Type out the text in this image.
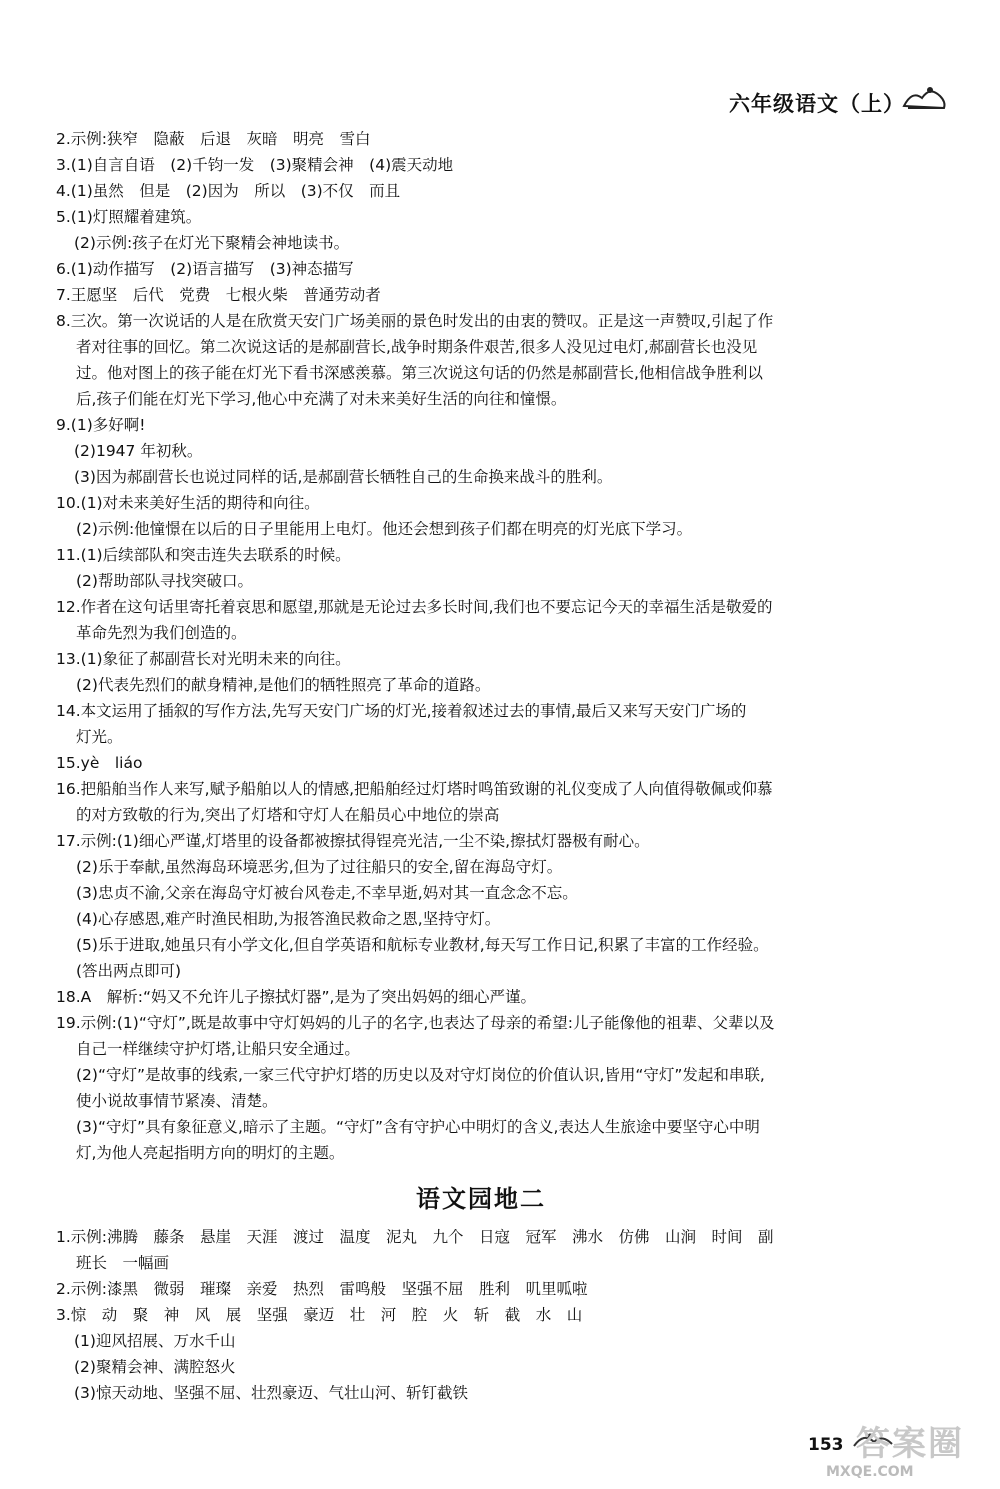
六年级语文（上）
2.示例:狭窄　隐蔽　后退　灰暗　明亮　雪白
3.(1)自言自语　(2)千钧一发　(3)聚精会神　(4)震天动地
4.(1)虽然　但是　(2)因为　所以　(3)不仅　而且
5.(1)灯照耀着建筑。
(2)示例:孩子在灯光下聚精会神地读书。
6.(1)动作描写　(2)语言描写　(3)神态描写
7.王愿坚　后代　党费　七根火柴　普通劳动者
8.三次。第一次说话的人是在欣赏天安门广场美丽的景色时发出的由衷的赞叹。正是这一声赞叹,引起了作
者对往事的回忆。第二次说这话的是郝副营长,战争时期条件艰苦,很多人没见过电灯,郝副营长也没见
过。他对图上的孩子能在灯光下看书深感羡慕。第三次说这句话的仍然是郝副营长,他相信战争胜利以
后,孩子们能在灯光下学习,他心中充满了对未来美好生活的向往和憧憬。
9.(1)多好啊!
(2)1947 年初秋。
(3)因为郝副营长也说过同样的话,是郝副营长牺牲自己的生命换来战斗的胜利。
10.(1)对未来美好生活的期待和向往。
(2)示例:他憧憬在以后的日子里能用上电灯。他还会想到孩子们都在明亮的灯光底下学习。
11.(1)后续部队和突击连失去联系的时候。
(2)帮助部队寻找突破口。
12.作者在这句话里寄托着哀思和愿望,那就是无论过去多长时间,我们也不要忘记今天的幸福生活是敬爱的
革命先烈为我们创造的。
13.(1)象征了郝副营长对光明未来的向往。
(2)代表先烈们的献身精神,是他们的牺牲照亮了革命的道路。
14.本文运用了插叙的写作方法,先写天安门广场的灯光,接着叙述过去的事情,最后又来写天安门广场的
灯光。
15.yè　liáo
16.把船舶当作人来写,赋予船舶以人的情感,把船舶经过灯塔时鸣笛致谢的礼仪变成了人向值得敬佩或仰慕
的对方致敬的行为,突出了灯塔和守灯人在船员心中地位的崇高
17.示例:(1)细心严谨,灯塔里的设备都被擦拭得锃亮光洁,一尘不染,擦拭灯器极有耐心。
(2)乐于奉献,虽然海岛环境恶劣,但为了过往船只的安全,留在海岛守灯。
(3)忠贞不渝,父亲在海岛守灯被台风卷走,不幸早逝,妈对其一直念念不忘。
(4)心存感恩,难产时渔民相助,为报答渔民救命之恩,坚持守灯。
(5)乐于进取,她虽只有小学文化,但自学英语和航标专业教材,每天写工作日记,积累了丰富的工作经验。
(答出两点即可)
18.A　解析:“妈又不允许儿子擦拭灯器”,是为了突出妈妈的细心严谨。
19.示例:(1)“守灯”,既是故事中守灯妈妈的儿子的名字,也表达了母亲的希望:儿子能像他的祖辈、父辈以及
自己一样继续守护灯塔,让船只安全通过。
(2)“守灯”是故事的线索,一家三代守护灯塔的历史以及对守灯岗位的价值认识,皆用“守灯”发起和串联,
使小说故事情节紧凑、清楚。
(3)“守灯”具有象征意义,暗示了主题。“守灯”含有守护心中明灯的含义,表达人生旅途中要坚守心中明
灯,为他人亮起指明方向的明灯的主题。
语文园地二
1.示例:沸腾　藤条　悬崖　天涯　渡过　温度　泥丸　九个　日寇　冠军　沸水　仿佛　山涧　时间　副
班长　一幅画
2.示例:漆黑　微弱　璀璨　亲爱　热烈　雷鸣般　坚强不屈　胜利　叽里呱啦
3.惊　动　聚　神　风　展　坚强　豪迈　壮　河　腔　火　斩　截　水　山
(1)迎风招展、万水千山
(2)聚精会神、满腔怒火
(3)惊天动地、坚强不屈、壮烈豪迈、气壮山河、斩钉截铁
153 答案圈
MXQE.COM
